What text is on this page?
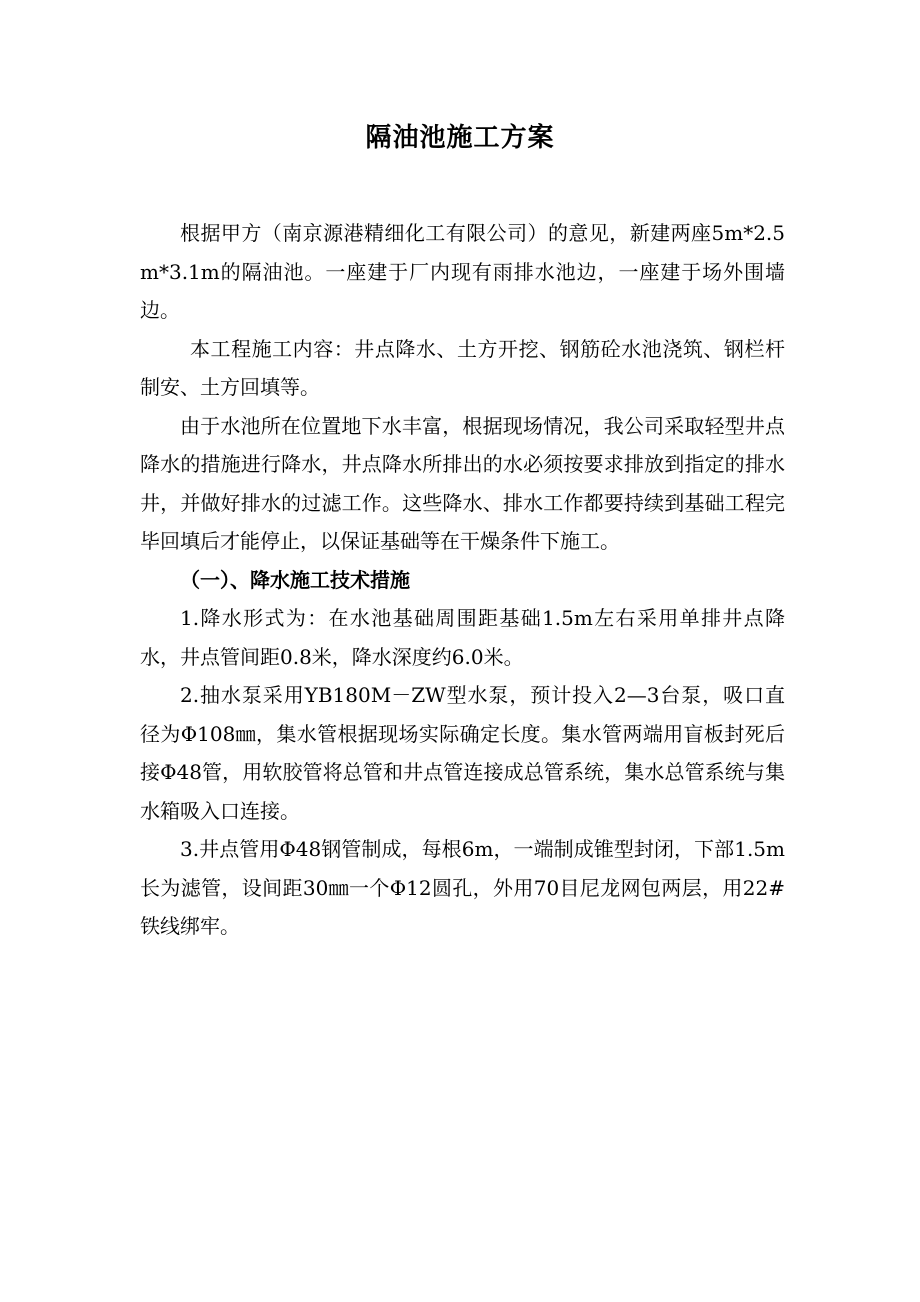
隔油池施工方案

根据甲方（南京源港精细化工有限公司）的意见，新建两座5m*2.5m*3.1m的隔油池。一座建于厂内现有雨排水池边，一座建于场外围墙边。

本工程施工内容：井点降水、土方开挖、钢筋砼水池浇筑、钢栏杆制安、土方回填等。

由于水池所在位置地下水丰富，根据现场情况，我公司采取轻型井点降水的措施进行降水，井点降水所排出的水必须按要求排放到指定的排水井，并做好排水的过滤工作。这些降水、排水工作都要持续到基础工程完毕回填后才能停止，以保证基础等在干燥条件下施工。

（一）、降水施工技术措施

1.降水形式为：在水池基础周围距基础1.5m左右采用单排井点降水，井点管间距0.8米，降水深度约6.0米。

2.抽水泵采用YB180M－ZW型水泵，预计投入2—3台泵，吸口直径为Φ108㎜，集水管根据现场实际确定长度。集水管两端用盲板封死后接Φ48管，用软胶管将总管和井点管连接成总管系统，集水总管系统与集水箱吸入口连接。

3.井点管用Φ48钢管制成，每根6m，一端制成锥型封闭，下部1.5m长为滤管，设间距30㎜一个Φ12圆孔，外用70目尼龙网包两层，用22#铁线绑牢。
